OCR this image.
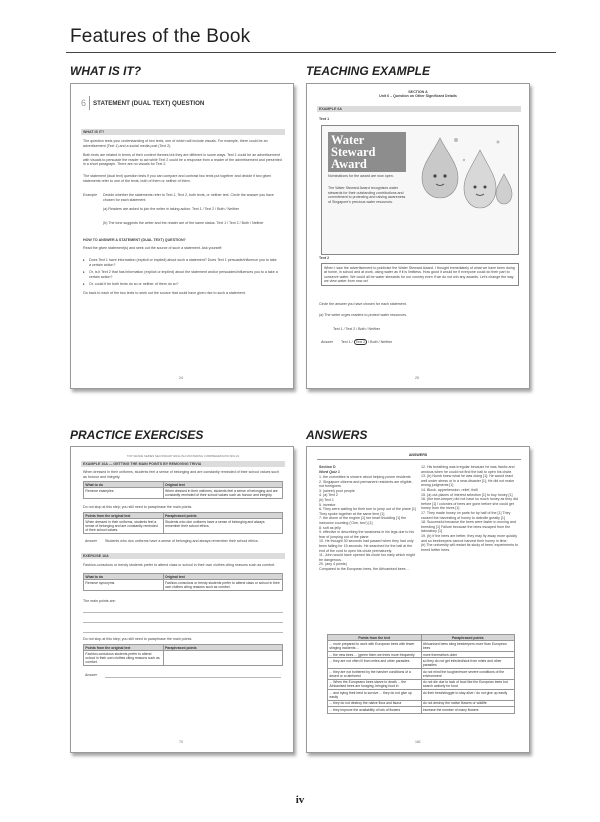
Features of the Book
WHAT IS IT?	TEACHING EXAMPLE
PRACTICE EXERCISES	ANSWERS
6 STATEMENT (DUAL TEXT) QUESTION
WHAT IS IT?
The question tests your understanding of two texts, one of which will include visuals. For example, there could be an advertisement (Text 1) and a social media post (Text 2).
Both texts are related in terms of their content themes but they are different in some ways. Text 1 could be an advertisement with visuals to persuade the reader to act while Text 2 could be a response from a reader of the advertisement and presented in a short paragraph. There are no visuals for Text 2.
The statement (dual text) question tests if you can compare and contrast two texts put together and decide if two given statements refer to one of the texts, both of them or neither of them.
Example Decide whether the statements refer to Text 1, Text 2, both texts, or neither text. Circle the answer you have chosen for each statement.
(a) Readers are asked to join the writer in taking action. Text 1 / Text 2 / Both / Neither
(b) The tone suggests the writer and the reader are of the same status. Text 1 / Text 2 / Both / Neither
HOW TO ANSWER A STATEMENT (DUAL TEXT) QUESTION?
Read the given statement(s) and seek out the source of such a statement. Ask yourself:
▸ Does Text 1 have information (explicit or implied) about such a statement? Does Text 1 persuade/influence you to take a certain action?
▸ Or, is it Text 2 that has information (explicit or implied) about the statement and/or persuades/influences you to a take a certain action?
▸ Or, could it be both texts do so or neither of them do so?
Go back to each of the two texts to seek out the source that could have given rise to such a statement.
24
SECTION A
Unit 6 – Question on Other Significant Details
EXAMPLE 6A
Text 1
Water Steward Award
Nominations for the award are now open.
The Water Steward Award recognises water stewards for their outstanding contributions and commitment to protecting and raising awareness of Singapore's precious water resources.
Text 2
When I saw the advertisement to publicise the Water Steward Award, I thought immediately of what we have been doing at home, in school and at work, using water as if it is limitless. How good it would be if everyone could do their part to conserve water. We could all be water stewards for our country even if we do not win any awards. Let's change the way we view water from now on!
Circle the answer you have chosen for each statement.
(a) The writer urges readers to protect water resources.
Text 1 / Text 2 / Both / Neither
Answer Text 1 / Text 2 / Both / Neither
25
TOP GRADE SERIES SECONDARY ENGLISH MASTERING COMPREHENSION SKILLS
EXAMPLE 16A — GETTING THE MAIN POINTS BY REMOVING TRIVIA
When dressed in their uniforms, students feel a sense of belonging and are constantly reminded of their school values such as honour and integrity.
What to do	Original text
Remove examples.	When dressed in their uniforms, students feel a sense of belonging and are constantly reminded of their school values such as honour and integrity.
Do not stop at this step; you still need to paraphrase the main points.
Points from the original text	Paraphrased points
When dressed in their uniforms, students feel a sense of belonging and are constantly reminded of their school values.	Students who don uniforms have a sense of belonging and always remember their school ethics.
Answer Students who don uniforms have a sense of belonging and always remember their school ethics.
EXERCISE 16A
Fashion-conscious or trendy students prefer to attend class or school in their own clothes citing reasons such as comfort.
What to do	Original text
Remove synonyms.	Fashion-conscious or trendy students prefer to attend class or school in their own clothes citing reasons such as comfort.
The main points are:
Do not stop at this step; you still need to paraphrase the main points.
Points from the original text	Paraphrased points
Fashion-conscious students prefer to attend school in their own clothes citing reasons such as comfort.	
Answer
70
ANSWERS
Section D
Word Quiz 1
1. the committee is sincere about helping povne residents
2. Singapore citizens and permanent residents are eligible, not foreigners
3. (sweet) poor people
4. (a) Text 2
(b) Text 1
5. investor
6. They were waiting for their turn to jump out of the plane [1] They spoke together at the same time [1]
7. the drone of the engine [1] her heart thudding [1] the instructor counting ('One, two') [1]
8. soft as jelly
9. effective in describing the weakness in his legs due to his fear of jumping out of the plane
10. He thought 30 seconds had passed when they had only been falling for 15 seconds. He searched for the ball at the end of the cord to open his chute prematurely.
11. John would have opened his chute too early which might be dangerous.
20. (any 4 points)
Compared to the European bees, the Africanised bees ...
12. His breathing was irregular because he was frantic and anxious when he could not find the ball to open his chute.
13. (b) Numb knew what he was doing [1]; He would react well under stress or in a near-disaster [1]; He did not make wrong judgments [1]
14. Block, apprehension, relief, thrill
15. (a) out-places of interest selection [1] to buy honey [1]
16. (the bee-keeper) did not have so much honey as they did before [1] / colonies of bees are gone before she could get honey from the hives [1]
17. They made honey on parts for by half of the [1] They caused the harvesting of honey to dwindle greatly [1]
18. Successful because the bees were faster in moving and breeding [1] Failure because the bees escaped from the laboratory [1]
19. (b) If the bees are better, they may fly away more quickly and so beekeepers cannot harvest their honey in time.
(b) The university will restart its study of bees' experiments to breed better bees.
Points from the text	Paraphrased points
... more prepared to work with European bees with fewer stinging incidents ...	Africanised bees sting beekeepers more than European bees
... the new bees ... (green them we trees more frequently	more themselves older
... they are not often ill from mites and other parasites	so they do not get infected/sick from mites and other parasites
... they are not bothered by the harsher conditions of a desert or a rainforest	do not mind the tougher/more severe conditions of the environment
... When the Europeans bees starve to death ... the Africanised bees are foraging, bringing food in	do not die due to lack of food like the European bees but search actively for food
... and trying their best to survive ... they do not give up easily	do their best/struggle to stay alive / do not give up easily
... they do not destroy the native flora and fauna	do not destroy the native flowers or wildlife
... they improve the availability of lots of flowers	increase the number of many flowers
161
iv
